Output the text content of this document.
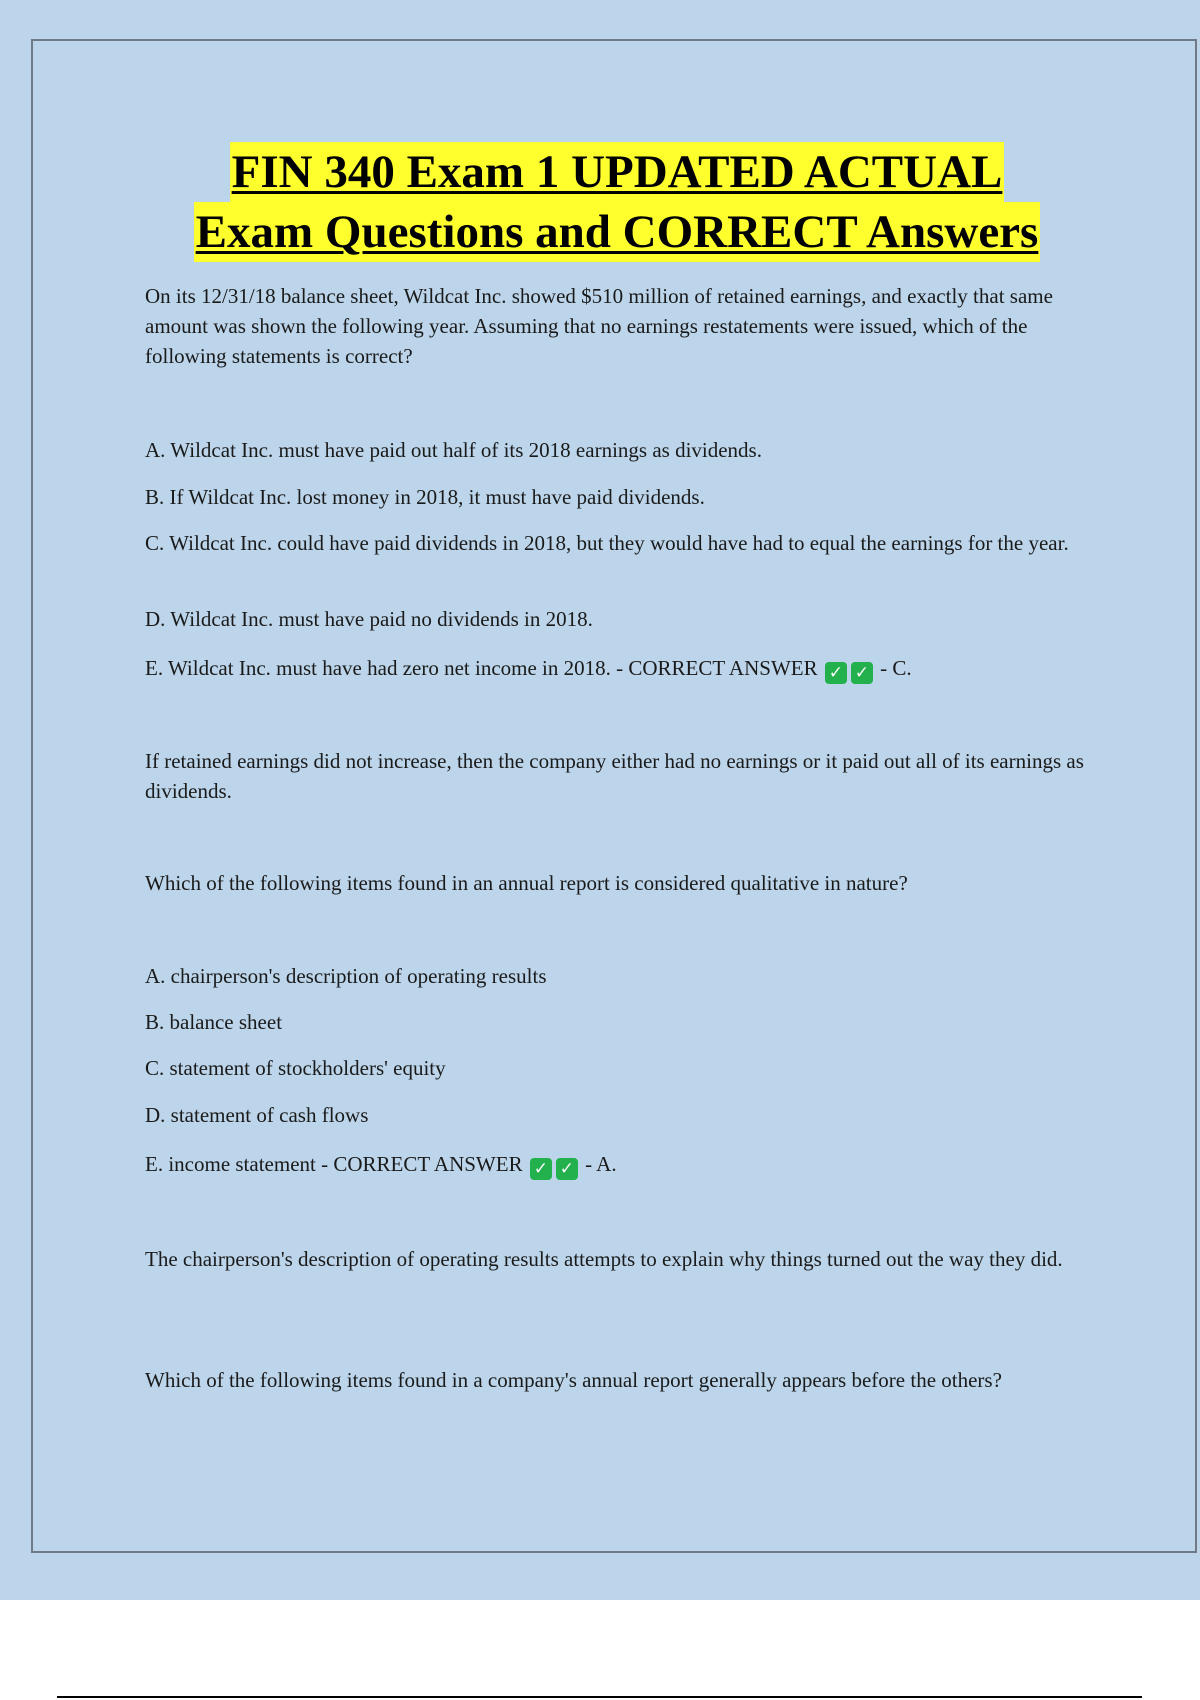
FIN 340 Exam 1 UPDATED ACTUAL
Exam Questions and CORRECT Answers

On its 12/31/18 balance sheet, Wildcat Inc. showed $510 million of retained earnings, and exactly that same amount was shown the following year. Assuming that no earnings restatements were issued, which of the following statements is correct?

A. Wildcat Inc. must have paid out half of its 2018 earnings as dividends.

B. If Wildcat Inc. lost money in 2018, it must have paid dividends.

C. Wildcat Inc. could have paid dividends in 2018, but they would have had to equal the earnings for the year.

D. Wildcat Inc. must have paid no dividends in 2018.

E. Wildcat Inc. must have had zero net income in 2018. - CORRECT ANSWER ✓ ✓ - C.

If retained earnings did not increase, then the company either had no earnings or it paid out all of its earnings as dividends.

Which of the following items found in an annual report is considered qualitative in nature?

A. chairperson's description of operating results

B. balance sheet

C. statement of stockholders' equity

D. statement of cash flows

E. income statement - CORRECT ANSWER ✓ ✓ - A.

The chairperson's description of operating results attempts to explain why things turned out the way they did.

Which of the following items found in a company's annual report generally appears before the others?
